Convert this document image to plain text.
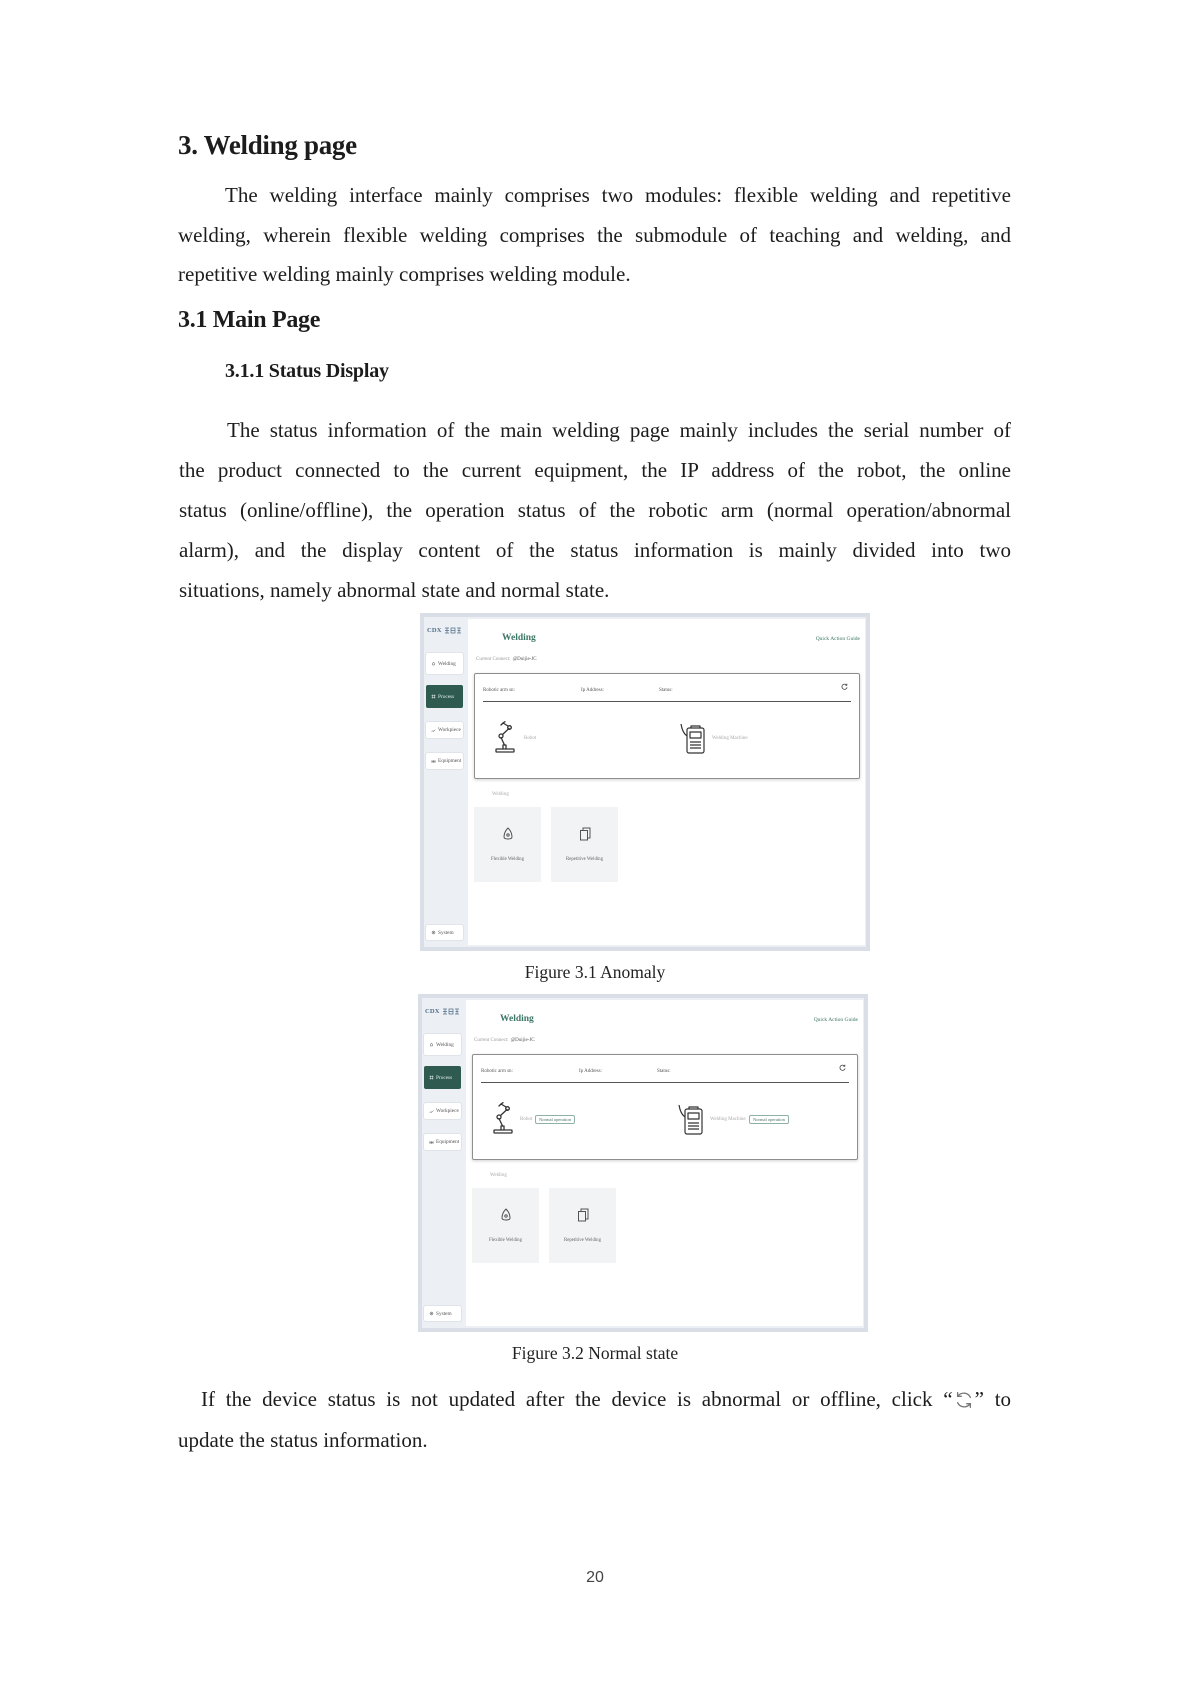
3. Welding page
The welding interface mainly comprises two modules: flexible welding and repetitive
welding, wherein flexible welding comprises the submodule of teaching and welding, and
repetitive welding mainly comprises welding module.
3.1 Main Page
3.1.1 Status Display
The status information of the main welding page mainly includes the serial number of
the product connected to the current equipment, the IP address of the robot, the online
status (online/offline), the operation status of the robotic arm (normal operation/abnormal
alarm), and the display content of the status information is mainly divided into two
situations, namely abnormal state and normal state.
CDX
Welding
Process
Workpiece
Equipment
System
Welding	Quick Action Guide
Current Connect: @Duijie-JC
Robotic arm sn:	Ip Address:	Status:
Robot	Welding Machine
Welding
Flexible Welding	Repetitive Welding
Figure 3.1 Anomaly
CDX
Welding
Process
Workpiece
Equipment
System
Welding	Quick Action Guide
Current Connect: @Duijie-JC
Robotic arm sn:	Ip Address:	Status:
Robot	Normal operation	Welding Machine	Normal operation
Welding
Flexible Welding	Repetitive Welding
Figure 3.2 Normal state
If the device status is not updated after the device is abnormal or offline, click “ ” to
update the status information.
20
